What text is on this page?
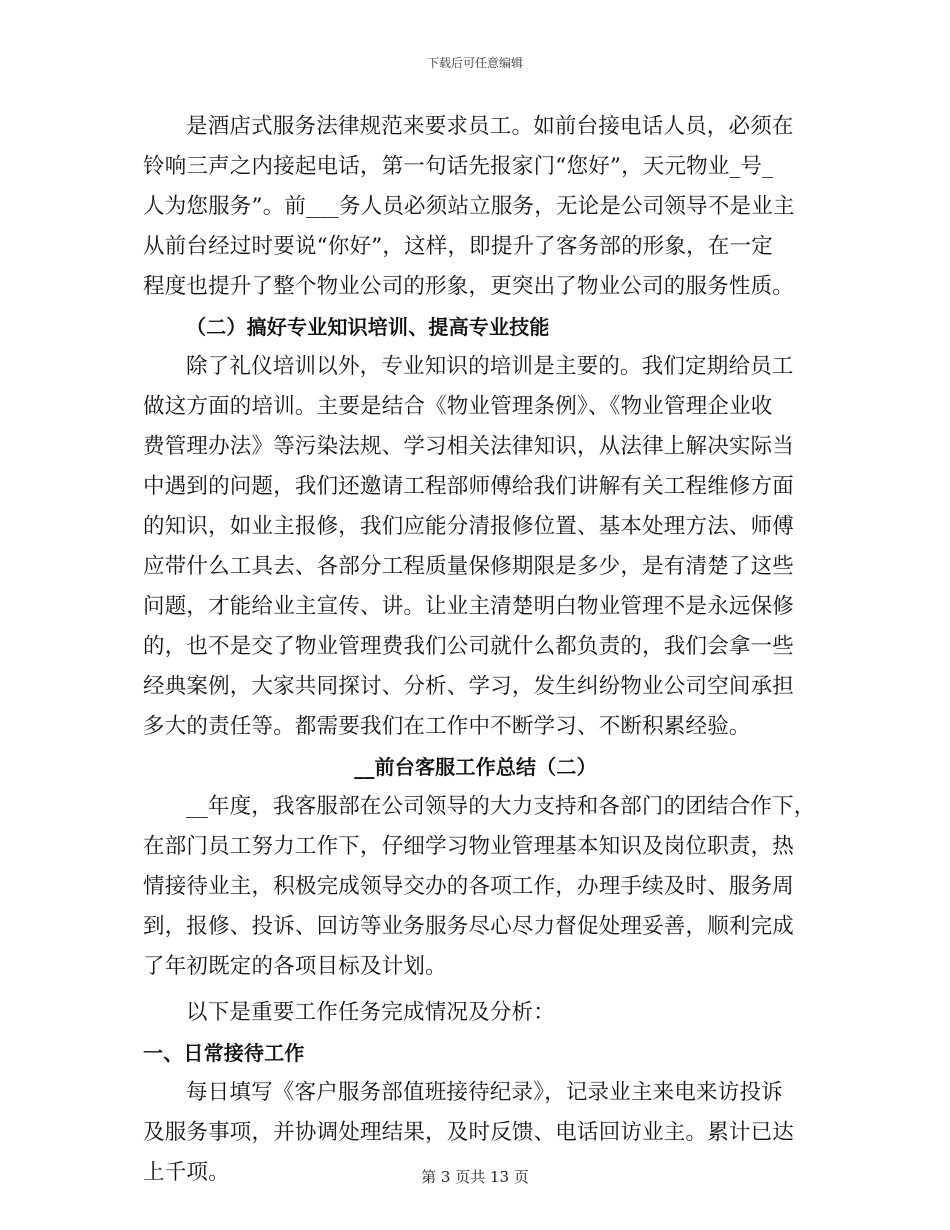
下载后可任意编辑
是酒店式服务法律规范来要求员工。如前台接电话人员，必须在
铃响三声之内接起电话，第一句话先报家门“您好”，天元物业_号_
人为您服务”。前___务人员必须站立服务，无论是公司领导不是业主
从前台经过时要说“你好”，这样，即提升了客务部的形象，在一定
程度也提升了整个物业公司的形象，更突出了物业公司的服务性质。
（二）搞好专业知识培训、提高专业技能
除了礼仪培训以外，专业知识的培训是主要的。我们定期给员工
做这方面的培训。主要是结合《物业管理条例》、《物业管理企业收
费管理办法》等污染法规、学习相关法律知识，从法律上解决实际当
中遇到的问题，我们还邀请工程部师傅给我们讲解有关工程维修方面
的知识，如业主报修，我们应能分清报修位置、基本处理方法、师傅
应带什么工具去、各部分工程质量保修期限是多少，是有清楚了这些
问题，才能给业主宣传、讲。让业主清楚明白物业管理不是永远保修
的，也不是交了物业管理费我们公司就什么都负责的，我们会拿一些
经典案例，大家共同探讨、分析、学习，发生纠纷物业公司空间承担
多大的责任等。都需要我们在工作中不断学习、不断积累经验。
__前台客服工作总结（二）
__年度，我客服部在公司领导的大力支持和各部门的团结合作下，
在部门员工努力工作下，仔细学习物业管理基本知识及岗位职责，热
情接待业主，积极完成领导交办的各项工作，办理手续及时、服务周
到，报修、投诉、回访等业务服务尽心尽力督促处理妥善，顺利完成
了年初既定的各项目标及计划。
以下是重要工作任务完成情况及分析：
一、日常接待工作
每日填写《客户服务部值班接待纪录》，记录业主来电来访投诉
及服务事项，并协调处理结果，及时反馈、电话回访业主。累计已达
上千项。	第 3 页共 13 页
